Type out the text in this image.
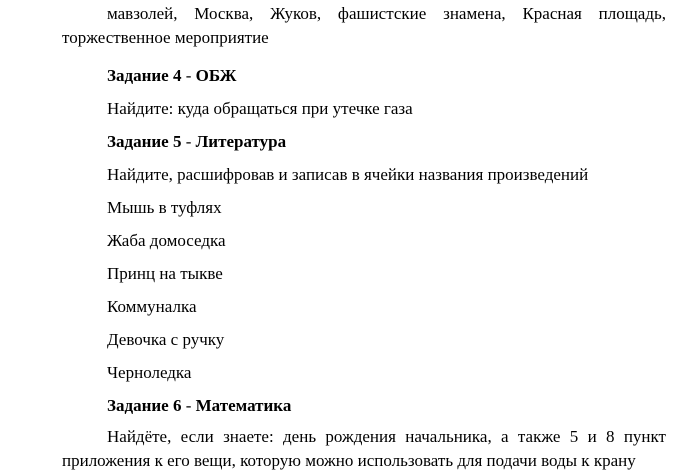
мавзолей, Москва, Жуков, фашистские знамена, Красная площадь, торжественное мероприятие

Задание 4 - ОБЖ

Найдите: куда обращаться при утечке газа

Задание 5 - Литература

Найдите, расшифровав и записав в ячейки названия произведений

Мышь в туфлях

Жаба домоседка

Принц на тыкве

Коммуналка

Девочка с ручку

Черноледка

Задание 6 - Математика

Найдёте, если знаете: день рождения начальника, а также 5 и 8 пункт приложения к его вещи, которую можно использовать для подачи воды к крану
